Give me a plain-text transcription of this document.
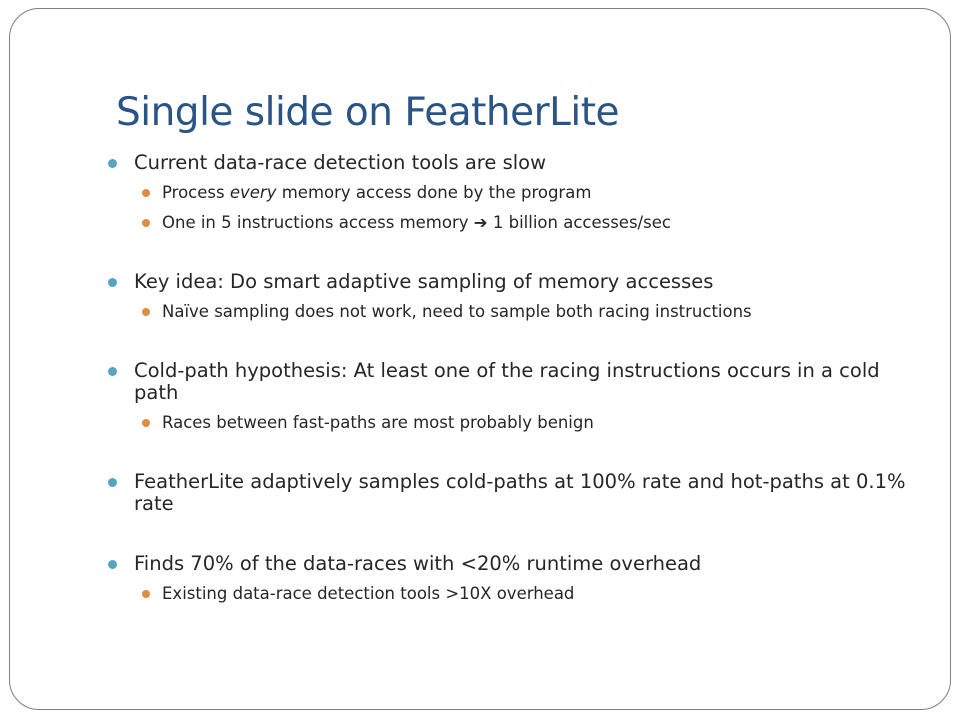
Single slide on FeatherLite
Current data-race detection tools are slow
Process every memory access done by the program
One in 5 instructions access memory ➔ 1 billion accesses/sec
Key idea: Do smart adaptive sampling of memory accesses
Naïve sampling does not work, need to sample both racing instructions
Cold-path hypothesis: At least one of the racing instructions occurs in a cold path
Races between fast-paths are most probably benign
FeatherLite adaptively samples cold-paths at 100% rate and hot-paths at 0.1% rate
Finds 70% of the data-races with <20% runtime overhead
Existing data-race detection tools >10X overhead
